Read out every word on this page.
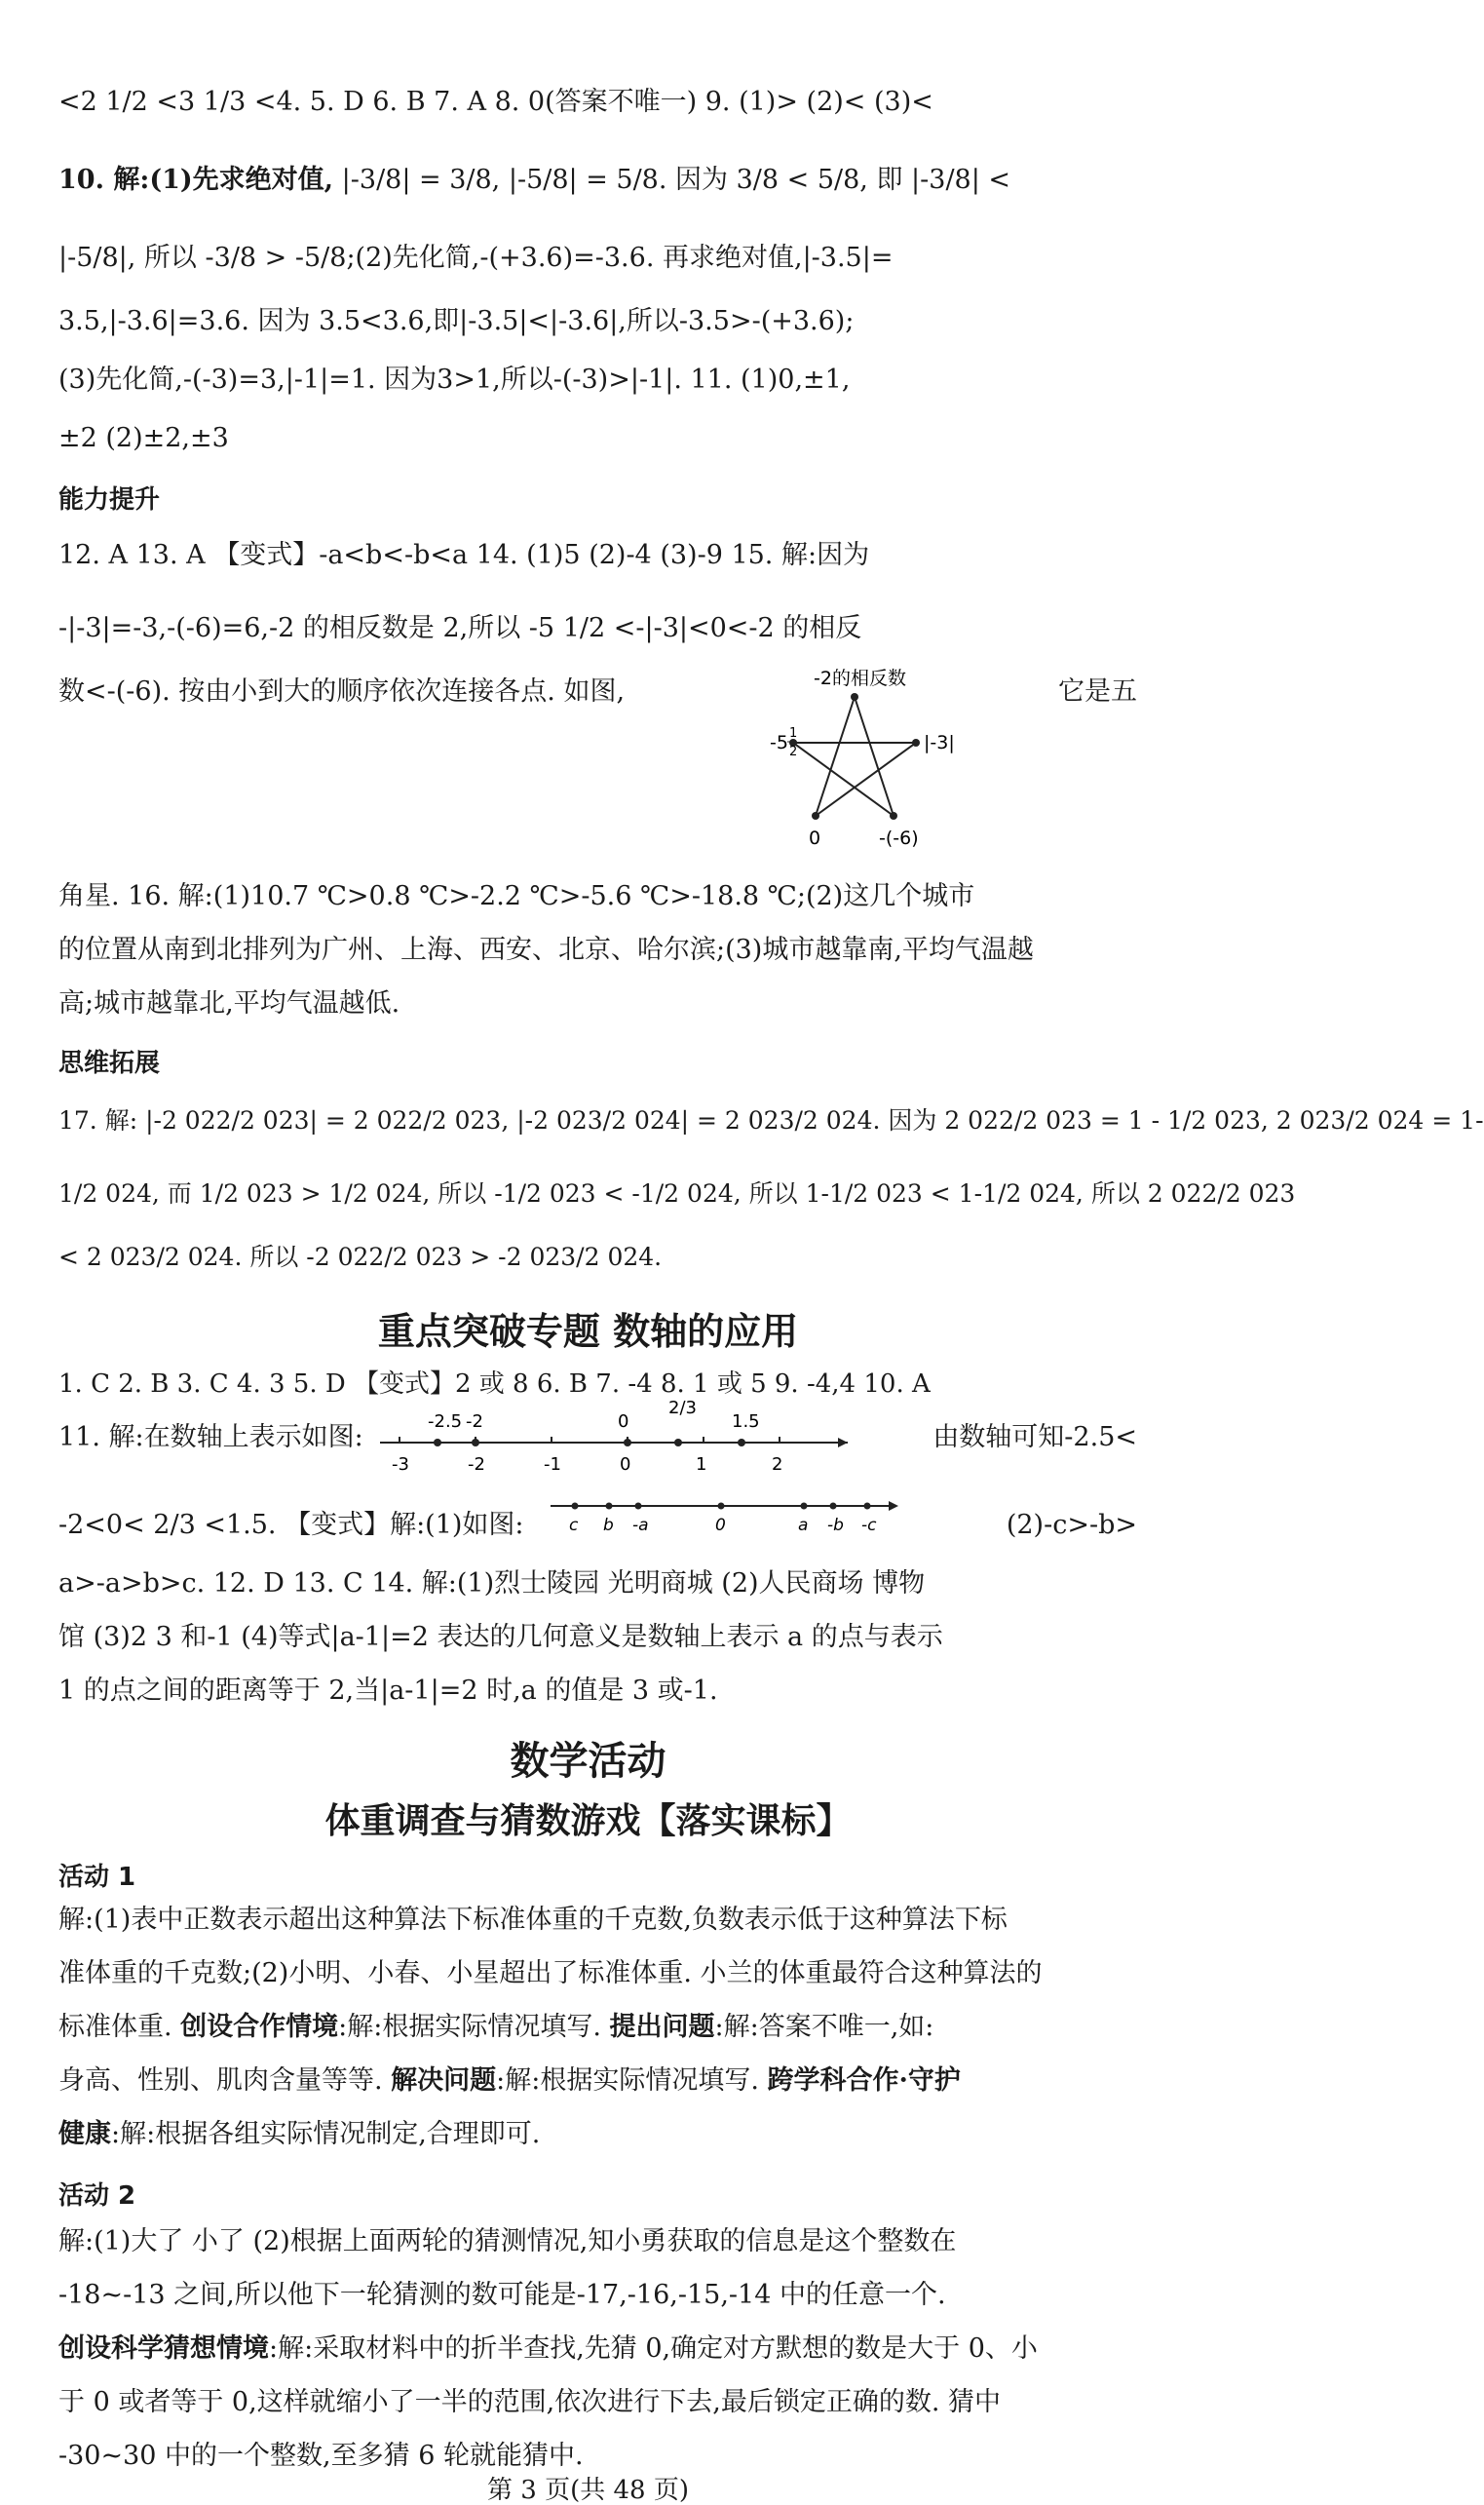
<2 1/2 <3 1/3 <4. 5. D 6. B 7. A 8. 0(答案不唯一) 9. (1)> (2)< (3)<
10. 解:(1)先求绝对值, |-3/8| = 3/8, |-5/8| = 5/8. 因为 3/8 < 5/8, 即 |-3/8| <
|-5/8|, 所以 -3/8 > -5/8;(2)先化简,-(+3.6)=-3.6. 再求绝对值,|-3.5|=
3.5,|-3.6|=3.6. 因为 3.5<3.6,即|-3.5|<|-3.6|,所以-3.5>-(+3.6);
(3)先化简,-(-3)=3,|-1|=1. 因为3>1,所以-(-3)>|-1|. 11. (1)0,±1,
±2 (2)±2,±3
能力提升
12. A 13. A 【变式】-a<b<-b<a 14. (1)5 (2)-4 (3)-9 15. 解:因为
-|-3|=-3,-(-6)=6,-2 的相反数是 2,所以 -5 1/2 <-|-3|<0<-2 的相反
数<-(-6). 按由小到大的顺序依次连接各点. 如图,	它是五
-2的相反数
-5 1
2	|-3|
0	-(-6)
角星. 16. 解:(1)10.7 ℃>0.8 ℃>-2.2 ℃>-5.6 ℃>-18.8 ℃;(2)这几个城市
的位置从南到北排列为广州、上海、西安、北京、哈尔滨;(3)城市越靠南,平均气温越
高;城市越靠北,平均气温越低.
思维拓展
17. 解: |-2 022/2 023| = 2 022/2 023, |-2 023/2 024| = 2 023/2 024. 因为 2 022/2 023 = 1 - 1/2 023, 2 023/2 024 = 1-
1/2 024, 而 1/2 023 > 1/2 024, 所以 -1/2 023 < -1/2 024, 所以 1-1/2 023 < 1-1/2 024, 所以 2 022/2 023
< 2 023/2 024. 所以 -2 022/2 023 > -2 023/2 024.
重点突破专题 数轴的应用
1. C 2. B 3. C 4. 3 5. D 【变式】2 或 8 6. B 7. -4 8. 1 或 5 9. -4,4 10. A
11. 解:在数轴上表示如图:	由数轴可知-2.5<
-3	-2	-1	0	1	2
-2.5 -2	0
2/3
1.5
-2<0< 2/3 <1.5. 【变式】解:(1)如图:	(2)-c>-b>
c b -a	0	a -b -c
a>-a>b>c. 12. D 13. C 14. 解:(1)烈士陵园 光明商城 (2)人民商场 博物
馆 (3)2 3 和-1 (4)等式|a-1|=2 表达的几何意义是数轴上表示 a 的点与表示
1 的点之间的距离等于 2,当|a-1|=2 时,a 的值是 3 或-1.
数学活动
体重调查与猜数游戏【落实课标】
活动 1
解:(1)表中正数表示超出这种算法下标准体重的千克数,负数表示低于这种算法下标
准体重的千克数;(2)小明、小春、小星超出了标准体重. 小兰的体重最符合这种算法的
标准体重. 创设合作情境:解:根据实际情况填写. 提出问题:解:答案不唯一,如:
身高、性别、肌肉含量等等. 解决问题:解:根据实际情况填写. 跨学科合作·守护
健康:解:根据各组实际情况制定,合理即可.
活动 2
解:(1)大了 小了 (2)根据上面两轮的猜测情况,知小勇获取的信息是这个整数在
-18~-13 之间,所以他下一轮猜测的数可能是-17,-16,-15,-14 中的任意一个.
创设科学猜想情境:解:采取材料中的折半查找,先猜 0,确定对方默想的数是大于 0、小
于 0 或者等于 0,这样就缩小了一半的范围,依次进行下去,最后锁定正确的数. 猜中
-30~30 中的一个整数,至多猜 6 轮就能猜中.
第 3 页(共 48 页)
